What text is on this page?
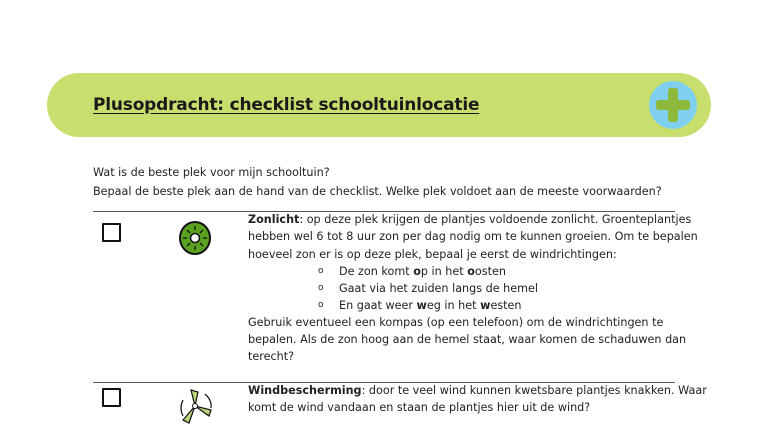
Plusopdracht: checklist schooltuinlocatie
Wat is de beste plek voor mijn schooltuin?
Bepaal de beste plek aan de hand van de checklist. Welke plek voldoet aan de meeste voorwaarden?
Zonlicht: op deze plek krijgen de plantjes voldoende zonlicht. Groenteplantjes
hebben wel 6 tot 8 uur zon per dag nodig om te kunnen groeien. Om te bepalen
hoeveel zon er is op deze plek, bepaal je eerst de windrichtingen:
o De zon komt op in het oosten
o Gaat via het zuiden langs de hemel
o En gaat weer weg in het westen
Gebruik eventueel een kompas (op een telefoon) om de windrichtingen te
bepalen. Als de zon hoog aan de hemel staat, waar komen de schaduwen dan
terecht?
Windbescherming: door te veel wind kunnen kwetsbare plantjes knakken. Waar
komt de wind vandaan en staan de plantjes hier uit de wind?
